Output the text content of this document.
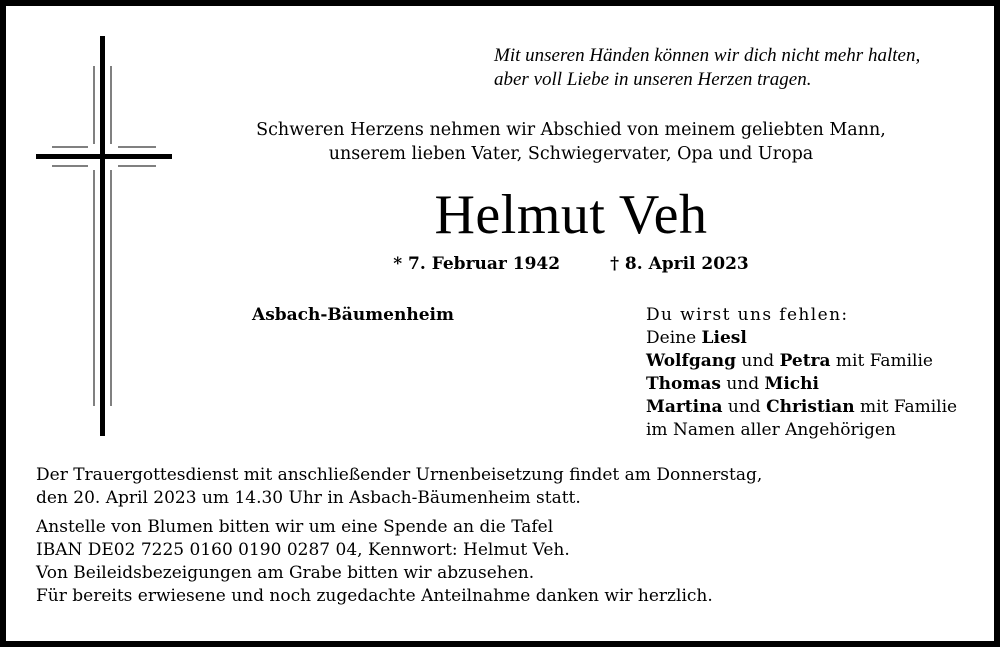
Mit unseren Händen können wir dich nicht mehr halten,
aber voll Liebe in unseren Herzen tragen.
Schweren Herzens nehmen wir Abschied von meinem geliebten Mann,
unserem lieben Vater, Schwiegervater, Opa und Uropa
Helmut Veh
* 7. Februar 1942	† 8. April 2023
Asbach-Bäumenheim	Du wirst uns fehlen:
Deine Liesl
Wolfgang und Petra mit Familie
Thomas und Michi
Martina und Christian mit Familie
im Namen aller Angehörigen
Der Trauergottesdienst mit anschließender Urnenbeisetzung findet am Donnerstag,
den 20. April 2023 um 14.30 Uhr in Asbach-Bäumenheim statt.
Anstelle von Blumen bitten wir um eine Spende an die Tafel
IBAN DE02 7225 0160 0190 0287 04, Kennwort: Helmut Veh.
Von Beileidsbezeigungen am Grabe bitten wir abzusehen.
Für bereits erwiesene und noch zugedachte Anteilnahme danken wir herzlich.
